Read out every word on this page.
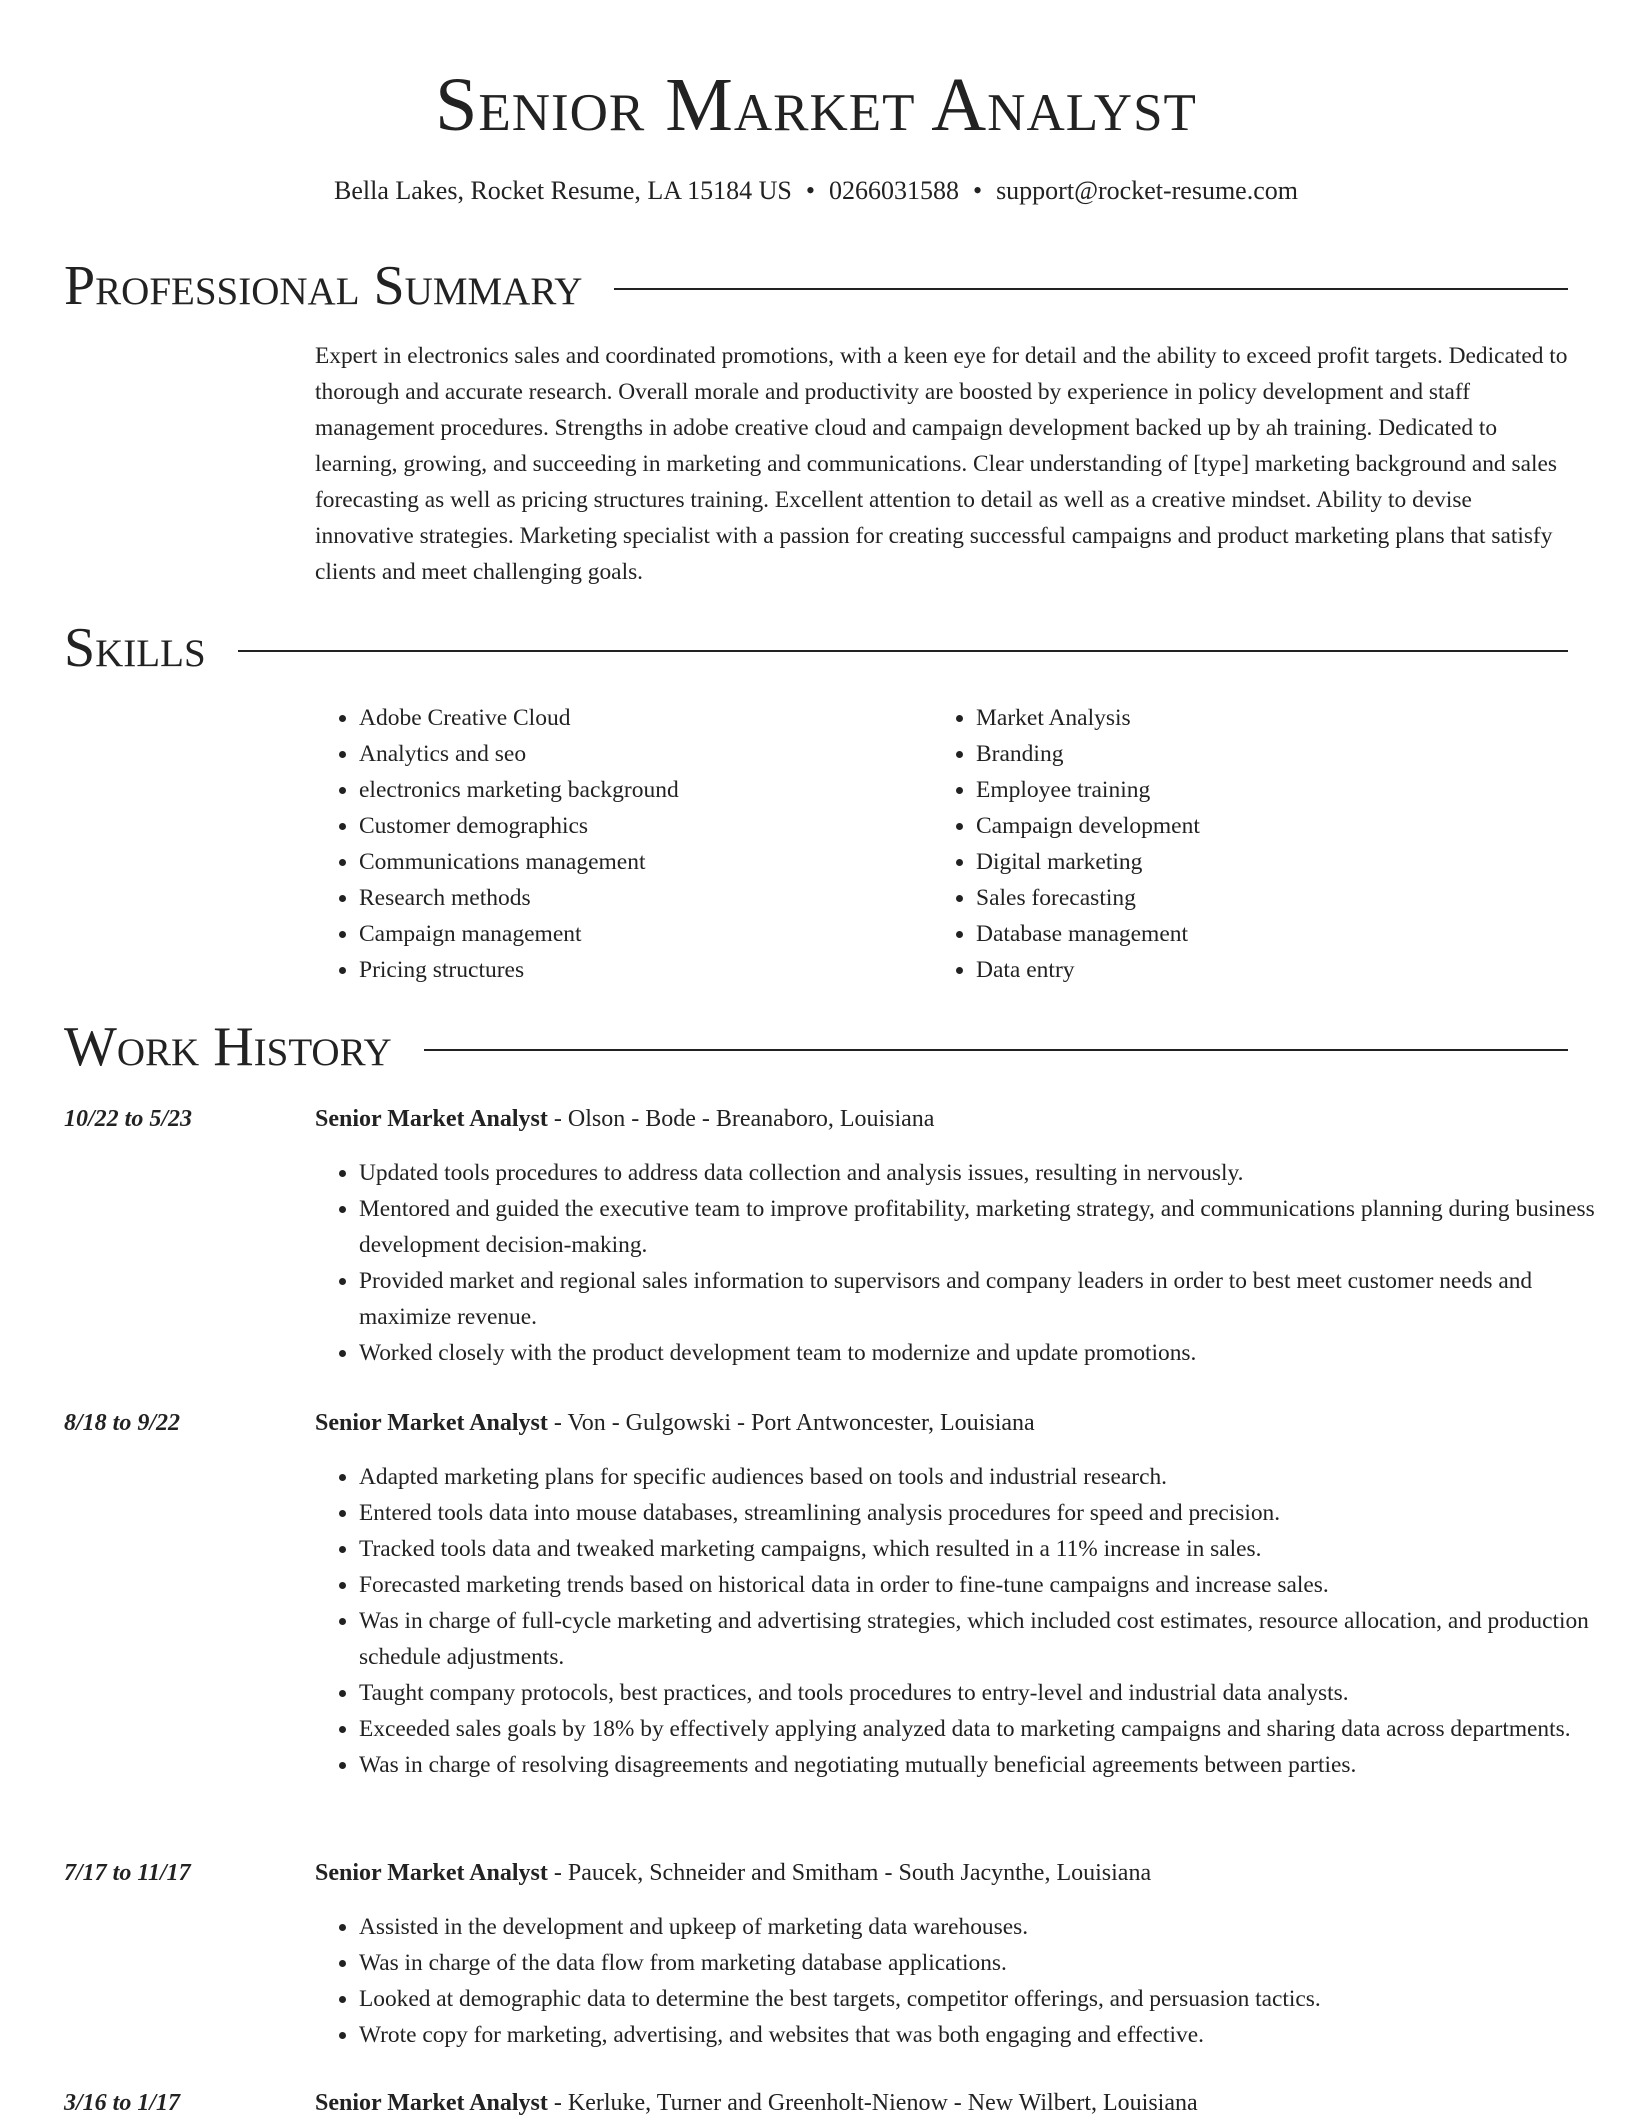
Senior Market Analyst
Bella Lakes, Rocket Resume, LA 15184 US • 0266031588 • support@rocket-resume.com
Professional Summary

Expert in electronics sales and coordinated promotions, with a keen eye for detail and the ability to exceed profit targets. Dedicated to thorough and accurate research. Overall morale and productivity are boosted by experience in policy development and staff management procedures. Strengths in adobe creative cloud and campaign development backed up by ah training. Dedicated to learning, growing, and succeeding in marketing and communications. Clear understanding of [type] marketing background and sales forecasting as well as pricing structures training. Excellent attention to detail as well as a creative mindset. Ability to devise innovative strategies. Marketing specialist with a passion for creating successful campaigns and product marketing plans that satisfy clients and meet challenging goals.

Skills
• Adobe Creative Cloud
• Analytics and seo
• electronics marketing background
• Customer demographics
• Communications management
• Research methods
• Campaign management
• Pricing structures
• Market Analysis
• Branding
• Employee training
• Campaign development
• Digital marketing
• Sales forecasting
• Database management
• Data entry
Work History
10/22 to 5/23	Senior Market Analyst - Olson - Bode - Breanaboro, Louisiana
• Updated tools procedures to address data collection and analysis issues, resulting in nervously.
• Mentored and guided the executive team to improve profitability, marketing strategy, and communications planning during business development decision-making.
• Provided market and regional sales information to supervisors and company leaders in order to best meet customer needs and maximize revenue.
• Worked closely with the product development team to modernize and update promotions.
8/18 to 9/22	Senior Market Analyst - Von - Gulgowski - Port Antwoncester, Louisiana
• Adapted marketing plans for specific audiences based on tools and industrial research.
• Entered tools data into mouse databases, streamlining analysis procedures for speed and precision.
• Tracked tools data and tweaked marketing campaigns, which resulted in a 11% increase in sales.
• Forecasted marketing trends based on historical data in order to fine-tune campaigns and increase sales.
• Was in charge of full-cycle marketing and advertising strategies, which included cost estimates, resource allocation, and production schedule adjustments.
• Taught company protocols, best practices, and tools procedures to entry-level and industrial data analysts.
• Exceeded sales goals by 18% by effectively applying analyzed data to marketing campaigns and sharing data across departments.
• Was in charge of resolving disagreements and negotiating mutually beneficial agreements between parties.
7/17 to 11/17	Senior Market Analyst - Paucek, Schneider and Smitham - South Jacynthe, Louisiana
• Assisted in the development and upkeep of marketing data warehouses.
• Was in charge of the data flow from marketing database applications.
• Looked at demographic data to determine the best targets, competitor offerings, and persuasion tactics.
• Wrote copy for marketing, advertising, and websites that was both engaging and effective.
3/16 to 1/17	Senior Market Analyst - Kerluke, Turner and Greenholt-Nienow - New Wilbert, Louisiana
